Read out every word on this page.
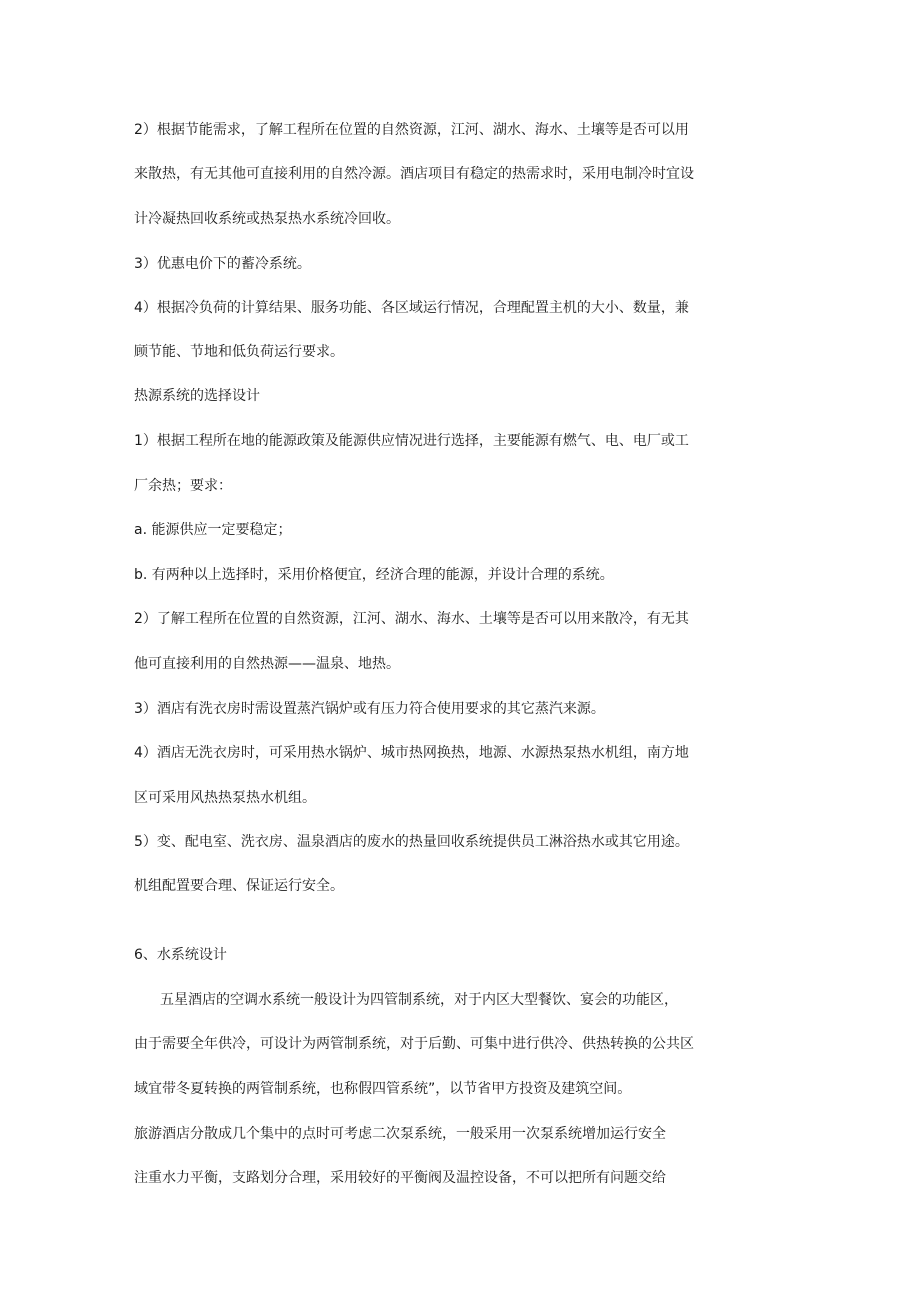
2）根据节能需求，了解工程所在位置的自然资源，江河、湖水、海水、土壤等是否可以用

来散热，有无其他可直接利用的自然冷源。酒店项目有稳定的热需求时，采用电制冷时宜设

计冷凝热回收系统或热泵热水系统冷回收。

3）优惠电价下的蓄冷系统。

4）根据冷负荷的计算结果、服务功能、各区域运行情况，合理配置主机的大小、数量，兼

顾节能、节地和低负荷运行要求。

热源系统的选择设计

1）根据工程所在地的能源政策及能源供应情况进行选择，主要能源有燃气、电、电厂或工

厂余热；要求：

a. 能源供应一定要稳定；

b. 有两种以上选择时，采用价格便宜，经济合理的能源，并设计合理的系统。

2）了解工程所在位置的自然资源，江河、湖水、海水、土壤等是否可以用来散冷，有无其

他可直接利用的自然热源——温泉、地热。

3）酒店有洗衣房时需设置蒸汽锅炉或有压力符合使用要求的其它蒸汽来源。

4）酒店无洗衣房时，可采用热水锅炉、城市热网换热，地源、水源热泵热水机组，南方地

区可采用风热热泵热水机组。

5）变、配电室、洗衣房、温泉酒店的废水的热量回收系统提供员工淋浴热水或其它用途。

机组配置要合理、保证运行安全。

6、水系统设计

五星酒店的空调水系统一般设计为四管制系统，对于内区大型餐饮、宴会的功能区，

由于需要全年供冷，可设计为两管制系统，对于后勤、可集中进行供冷、供热转换的公共区

域宜带冬夏转换的两管制系统，也称假四管系统”，以节省甲方投资及建筑空间。

旅游酒店分散成几个集中的点时可考虑二次泵系统，一般采用一次泵系统增加运行安全

注重水力平衡，支路划分合理，采用较好的平衡阀及温控设备，不可以把所有问题交给
